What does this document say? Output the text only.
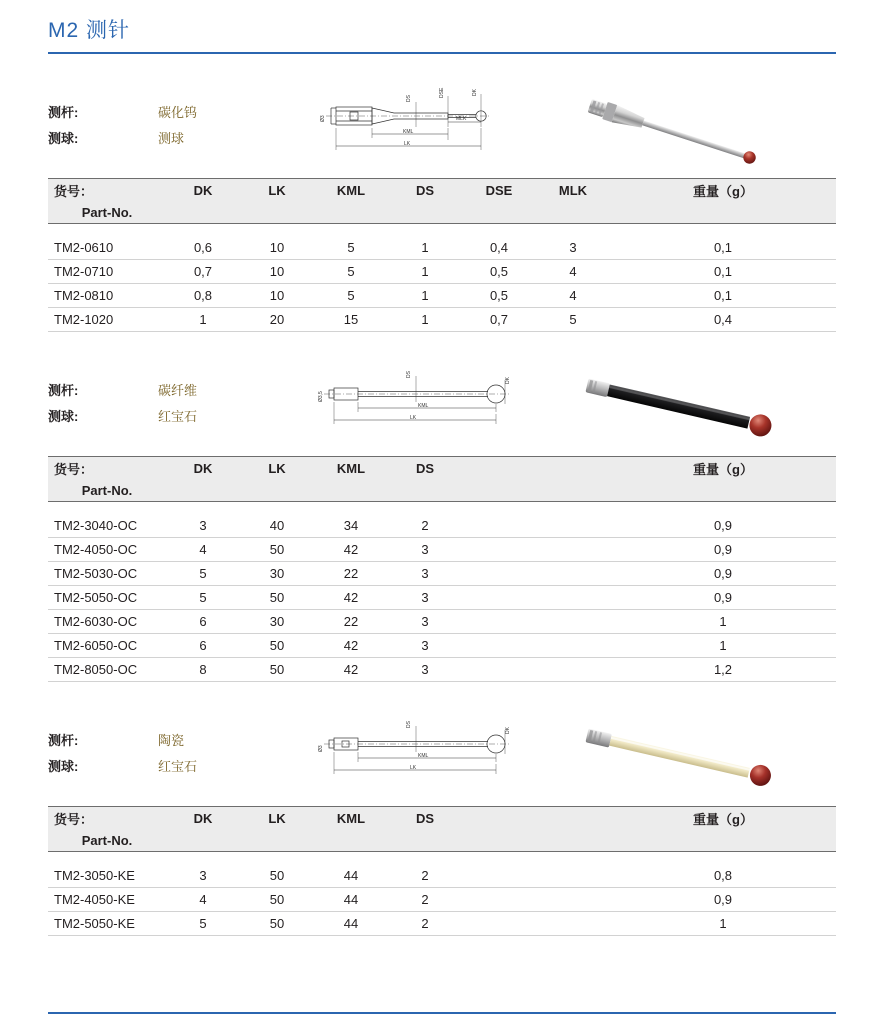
M2 测针
测杆:
测球:
碳化钨
测球
Ø3
DS
DSE	DK
MLK
KML
LK
货号：	DK	LK	KML	DS	DSE	MLK	重量（g）
Part-No.							

TM2-0610	0,6	10	5	1	0,4	3	0,1
TM2-0710	0,7	10	5	1	0,5	4	0,1
TM2-0810	0,8	10	5	1	0,5	4	0,1
TM2-1020	1	20	15	1	0,7	5	0,4
测杆:
测球:
碳纤维
红宝石
Ø3,5
DS
DK
KML
LK
货号：	DK	LK	KML	DS			重量（g）
Part-No.							

TM2-3040-OC	3	40	34	2			0,9
TM2-4050-OC	4	50	42	3			0,9
TM2-5030-OC	5	30	22	3			0,9
TM2-5050-OC	5	50	42	3			0,9
TM2-6030-OC	6	30	22	3			1
TM2-6050-OC	6	50	42	3			1
TM2-8050-OC	8	50	42	3			1,2
测杆:
测球:
陶瓷
红宝石
Ø3
DS
DK
KML
LK
货号：	DK	LK	KML	DS			重量（g）
Part-No.							

TM2-3050-KE	3	50	44	2			0,8
TM2-4050-KE	4	50	44	2			0,9
TM2-5050-KE	5	50	44	2			1
